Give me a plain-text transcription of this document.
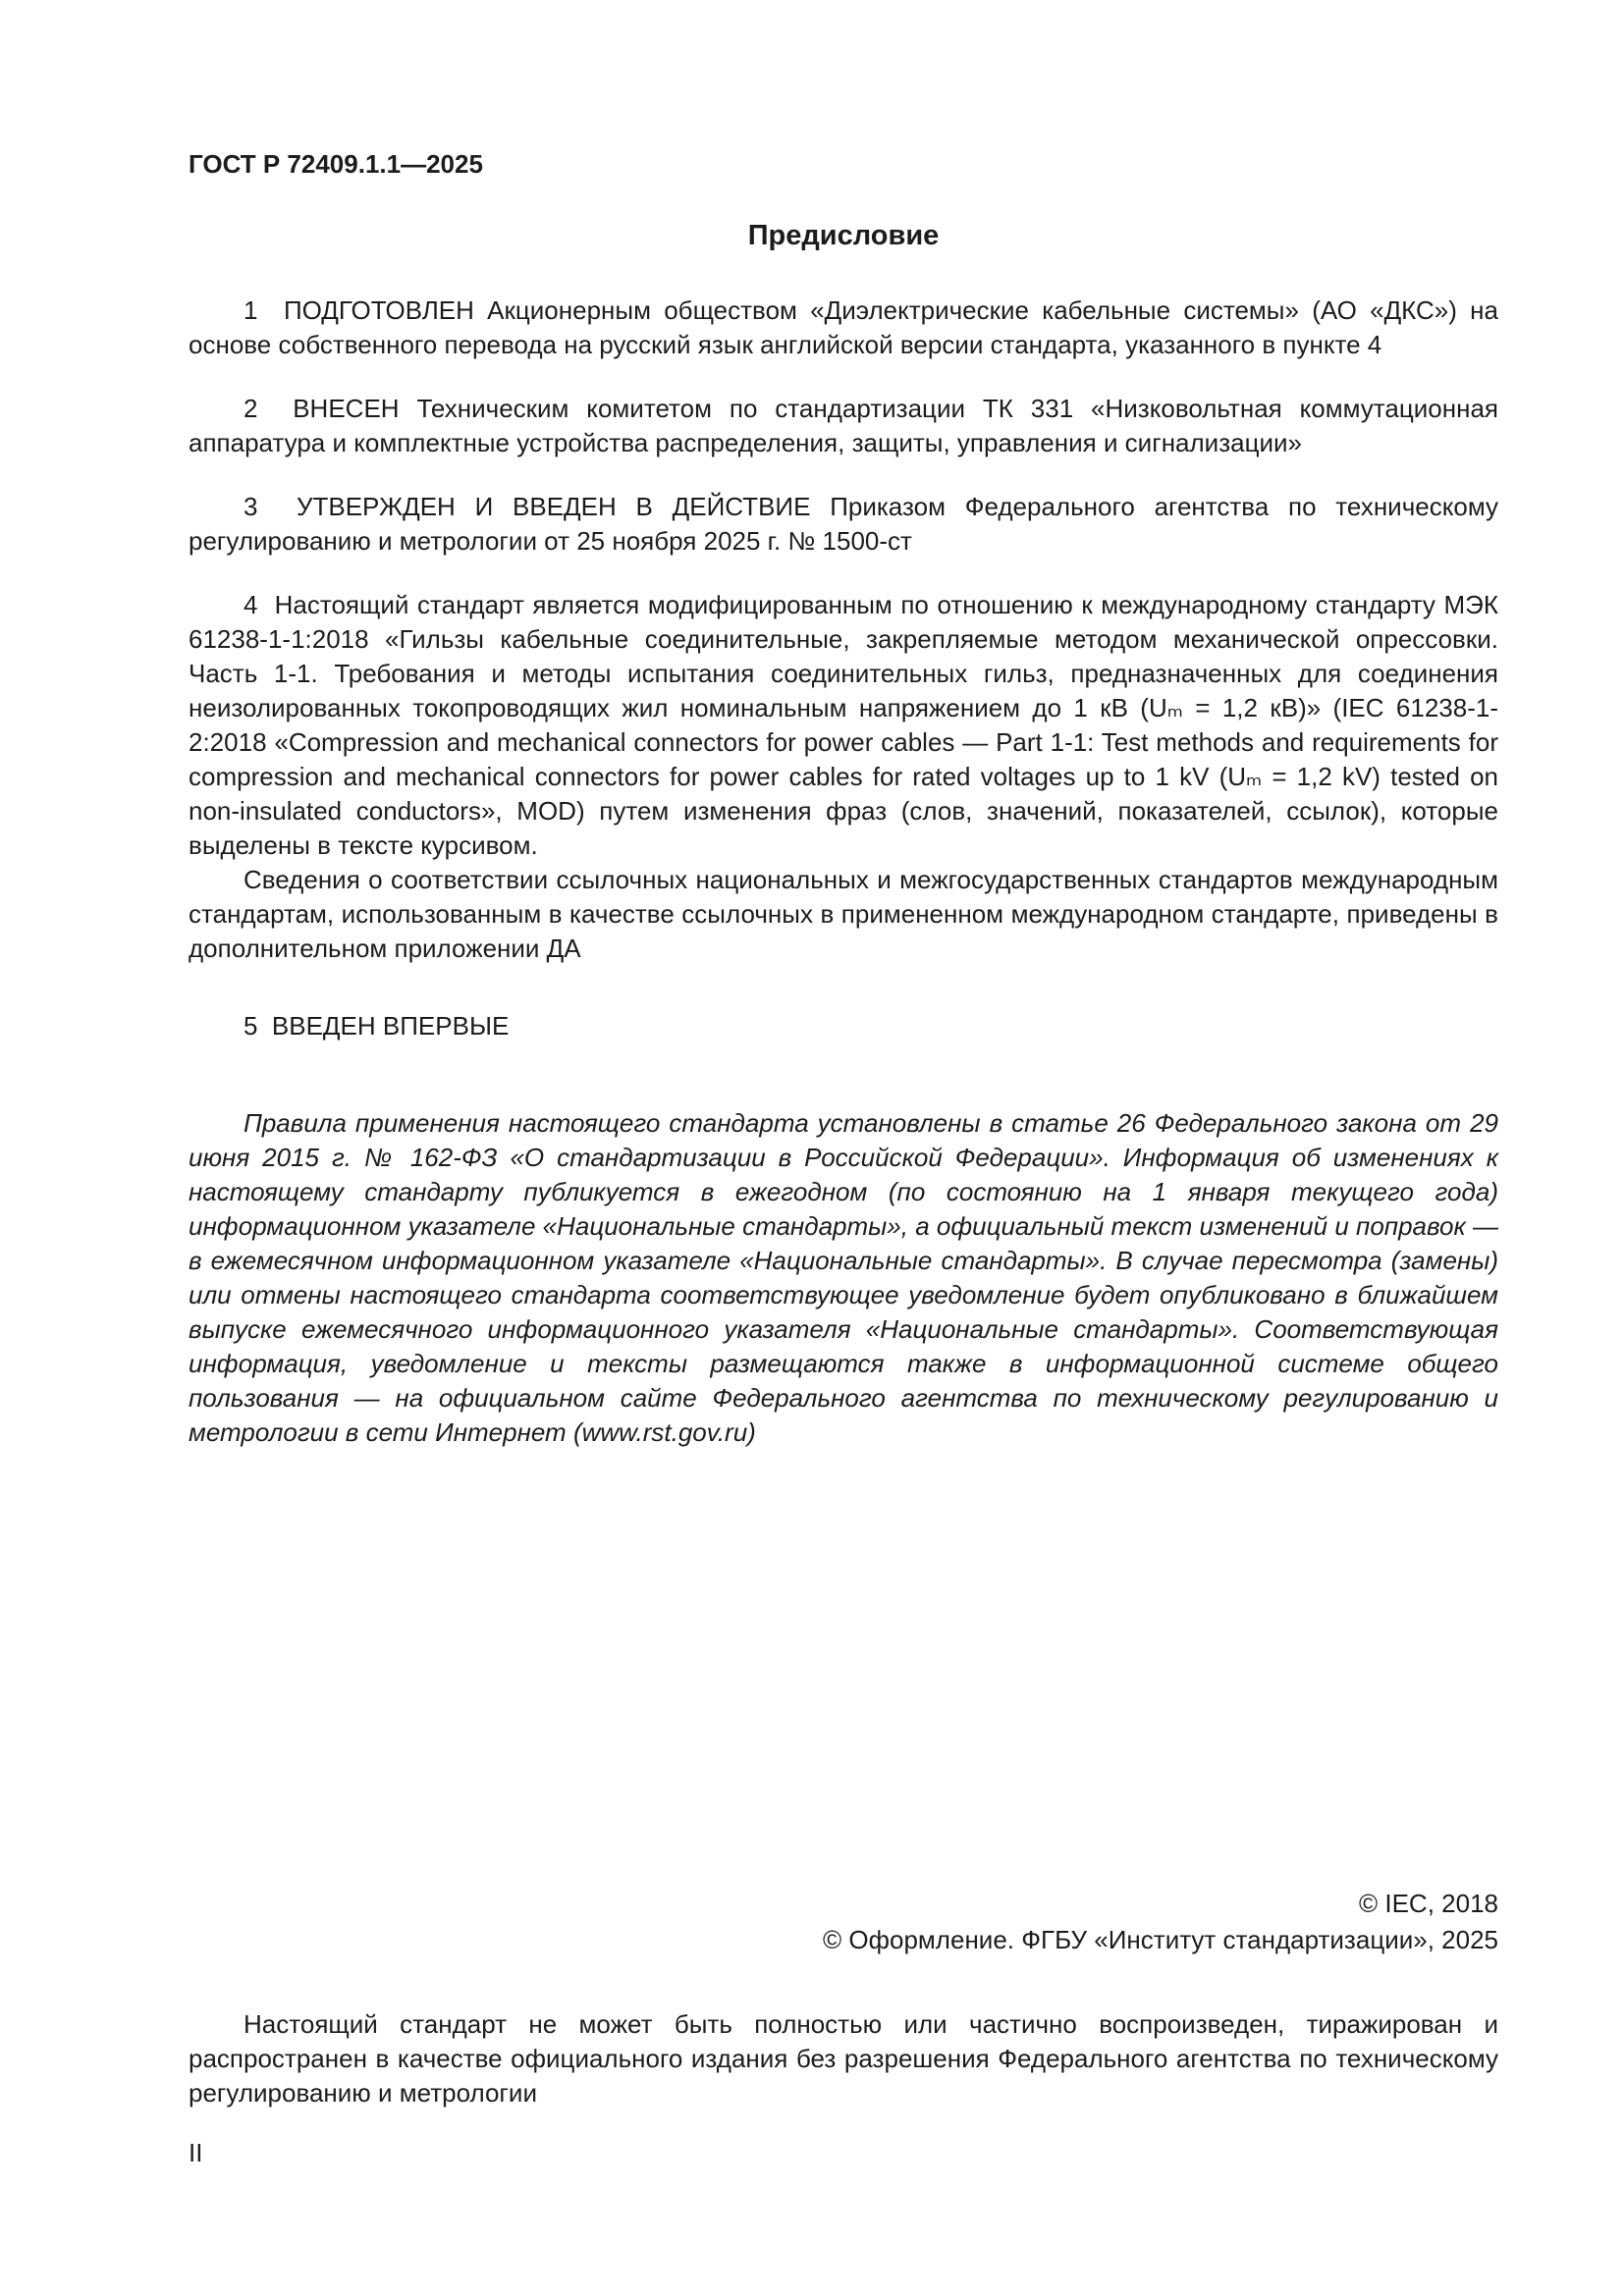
ГОСТ Р 72409.1.1—2025
Предисловие

1  ПОДГОТОВЛЕН Акционерным обществом «Диэлектрические кабельные системы» (АО «ДКС») на основе собственного перевода на русский язык английской версии стандарта, указанного в пункте 4

2  ВНЕСЕН Техническим комитетом по стандартизации ТК 331 «Низковольтная коммутационная аппаратура и комплектные устройства распределения, защиты, управления и сигнализации»

3  УТВЕРЖДЕН И ВВЕДЕН В ДЕЙСТВИЕ Приказом Федерального агентства по техническому регулированию и метрологии от 25 ноября 2025 г. № 1500-ст

4  Настоящий стандарт является модифицированным по отношению к международному стандарту МЭК 61238-1-1:2018 «Гильзы кабельные соединительные, закрепляемые методом механической опрессовки. Часть 1-1. Требования и методы испытания соединительных гильз, предназначенных для соединения неизолированных токопроводящих жил номинальным напряжением до 1 кВ (Uₘ = 1,2 кВ)» (IEC 61238-1-2:2018 «Compression and mechanical connectors for power cables — Part 1-1: Test methods and requirements for compression and mechanical connectors for power cables for rated voltages up to 1 kV (Uₘ = 1,2 kV) tested on non-insulated conductors», MOD) путем изменения фраз (слов, значений, показателей, ссылок), которые выделены в тексте курсивом.

Сведения о соответствии ссылочных национальных и межгосударственных стандартов международным стандартам, использованным в качестве ссылочных в примененном международном стандарте, приведены в дополнительном приложении ДА

5  ВВЕДЕН ВПЕРВЫЕ

Правила применения настоящего стандарта установлены в статье 26 Федерального закона от 29 июня 2015 г. № 162-ФЗ «О стандартизации в Российской Федерации». Информация об изменениях к настоящему стандарту публикуется в ежегодном (по состоянию на 1 января текущего года) информационном указателе «Национальные стандарты», а официальный текст изменений и поправок — в ежемесячном информационном указателе «Национальные стандарты». В случае пересмотра (замены) или отмены настоящего стандарта соответствующее уведомление будет опубликовано в ближайшем выпуске ежемесячного информационного указателя «Национальные стандарты». Соответствующая информация, уведомление и тексты размещаются также в информационной системе общего пользования — на официальном сайте Федерального агентства по техническому регулированию и метрологии в сети Интернет (www.rst.gov.ru)

© IEC, 2018
© Оформление. ФГБУ «Институт стандартизации», 2025

Настоящий стандарт не может быть полностью или частично воспроизведен, тиражирован и распространен в качестве официального издания без разрешения Федерального агентства по техническому регулированию и метрологии

II
